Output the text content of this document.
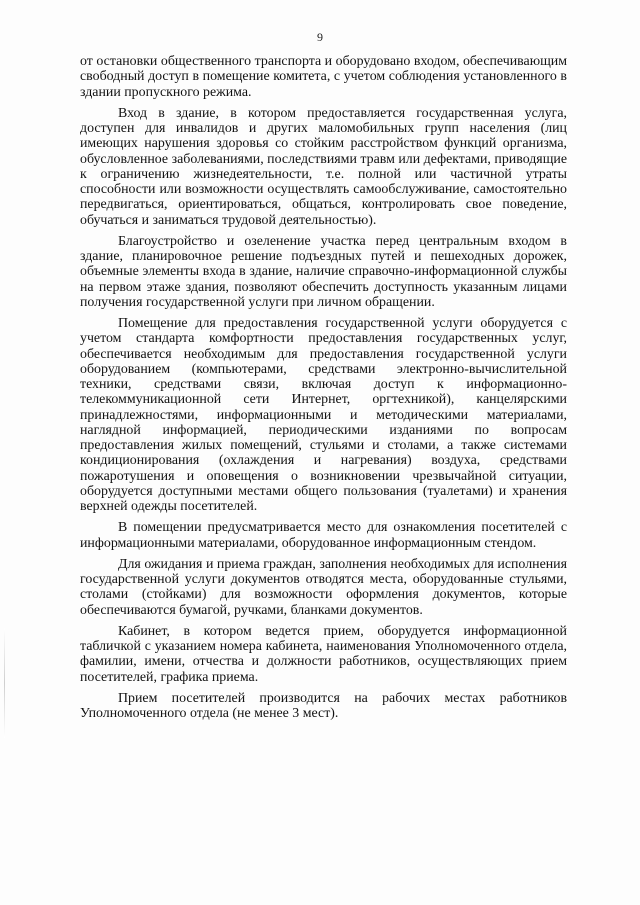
9

от остановки общественного транспорта и оборудовано входом, обеспечивающим свободный доступ в помещение комитета, с учетом соблюдения установленного в здании пропускного режима.

Вход в здание, в котором предоставляется государственная услуга, доступен для инвалидов и других маломобильных групп населения (лиц имеющих нарушения здоровья со стойким расстройством функций организма, обусловленное заболеваниями, последствиями травм или дефектами, приводящие к ограничению жизнедеятельности, т.е. полной или частичной утраты способности или возможности осуществлять самообслуживание, самостоятельно передвигаться, ориентироваться, общаться, контролировать свое поведение, обучаться и заниматься трудовой деятельностью).

Благоустройство и озеленение участка перед центральным входом в здание, планировочное решение подъездных путей и пешеходных дорожек, объемные элементы входа в здание, наличие справочно-информационной службы на первом этаже здания, позволяют обеспечить доступность указанным лицами получения государственной услуги при личном обращении.

Помещение для предоставления государственной услуги оборудуется с учетом стандарта комфортности предоставления государственных услуг, обеспечивается необходимым для предоставления государственной услуги оборудованием (компьютерами, средствами электронно-вычислительной техники, средствами связи, включая доступ к информационно-телекоммуникационной сети Интернет, оргтехникой), канцелярскими принадлежностями, информационными и методическими материалами, наглядной информацией, периодическими изданиями по вопросам предоставления жилых помещений, стульями и столами, а также системами кондиционирования (охлаждения и нагревания) воздуха, средствами пожаротушения и оповещения о возникновении чрезвычайной ситуации, оборудуется доступными местами общего пользования (туалетами) и хранения верхней одежды посетителей.

В помещении предусматривается место для ознакомления посетителей с информационными материалами, оборудованное информационным стендом.

Для ожидания и приема граждан, заполнения необходимых для исполнения государственной услуги документов отводятся места, оборудованные стульями, столами (стойками) для возможности оформления документов, которые обеспечиваются бумагой, ручками, бланками документов.

Кабинет, в котором ведется прием, оборудуется информационной табличкой с указанием номера кабинета, наименования Уполномоченного отдела, фамилии, имени, отчества и должности работников, осуществляющих прием посетителей, графика приема.

Прием посетителей производится на рабочих местах работников Уполномоченного отдела (не менее 3 мест).
